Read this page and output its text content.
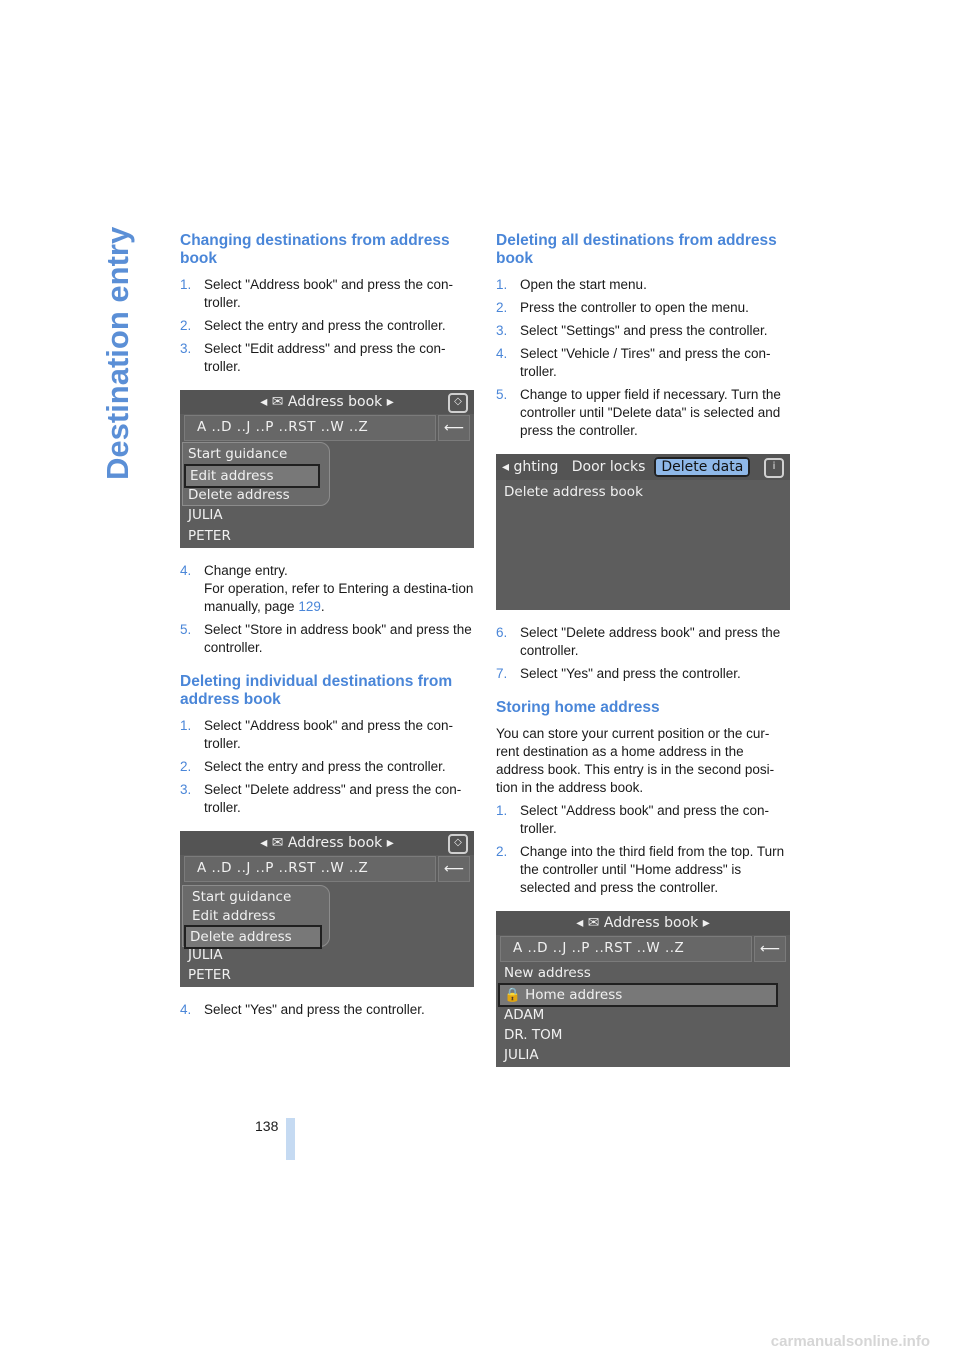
Destination entry	Changing destinations from address book
1. Select "Address book" and press the con-troller.
2. Select the entry and press the controller.
3. Select "Edit address" and press the con-troller.
◂ ✉ Address book ▸	◇
A ..D ..J ..P ..RST ..W ..Z	⟵
Start guidance
Edit address
Delete address
JULIA
PETER
4. Change entry.
For operation, refer to Entering a destina-tion manually, page 129.
5. Select "Store in address book" and press the controller.
Deleting individual destinations from address book
1. Select "Address book" and press the con-troller.
2. Select the entry and press the controller.
3. Select "Delete address" and press the con-troller.
◂ ✉ Address book ▸	◇
A ..D ..J ..P ..RST ..W ..Z	⟵
Start guidance
Edit address
Delete address
JULIA
PETER
4. Select "Yes" and press the controller.
Deleting all destinations from address book
1. Open the start menu.
2. Press the controller to open the menu.
3. Select "Settings" and press the controller.
4. Select "Vehicle / Tires" and press the con-troller.
5. Change to upper field if necessary. Turn the controller until "Delete data" is selected and press the controller.
◂ ghting Door locks Delete data	i
Delete address book
6. Select "Delete address book" and press the controller.
7. Select "Yes" and press the controller.
Storing home address

You can store your current position or the cur-rent destination as a home address in the address book. This entry is in the second posi-tion in the address book.

1. Select "Address book" and press the con-troller.
2. Change into the third field from the top. Turn the controller until "Home address" is selected and press the controller.
◂ ✉ Address book ▸
A ..D ..J ..P ..RST ..W ..Z	⟵
New address
🔒 Home address
ADAM
DR. TOM
JULIA
138
carmanualsonline.info
